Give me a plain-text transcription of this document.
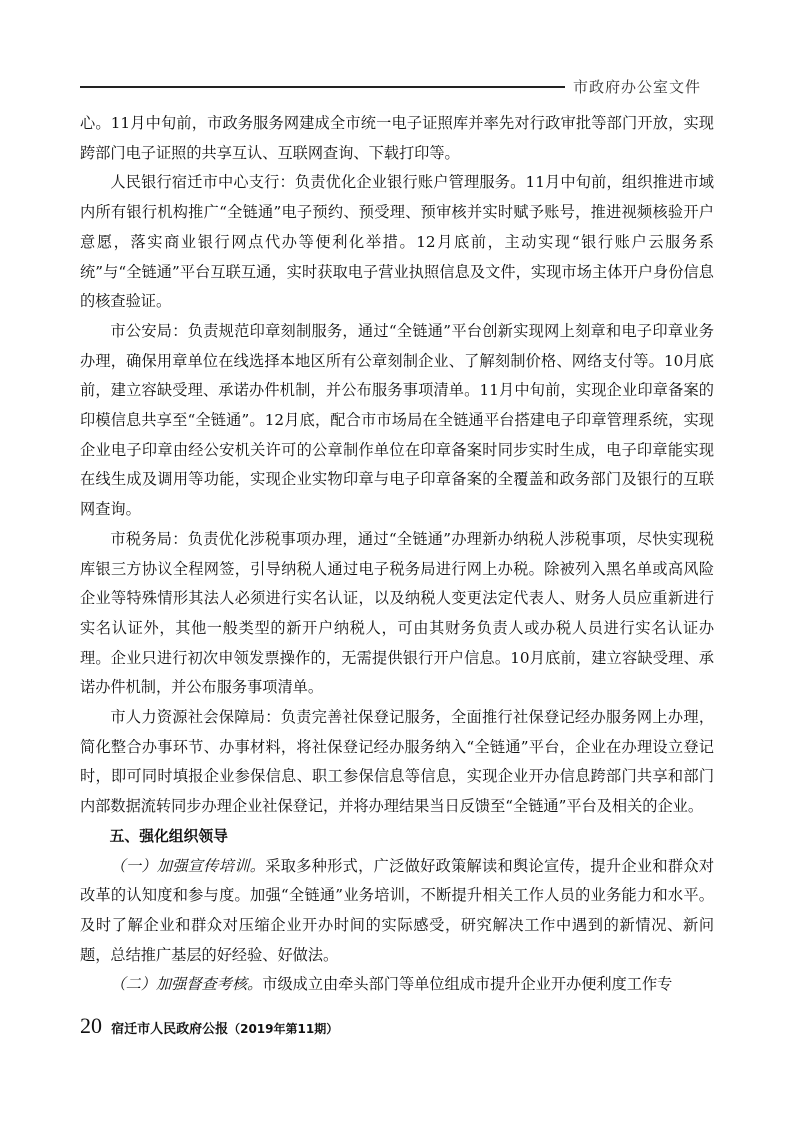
市政府办公室文件

心。11月中旬前，市政务服务网建成全市统一电子证照库并率先对行政审批等部门开放，实现跨部门电子证照的共享互认、互联网查询、下载打印等。

人民银行宿迁市中心支行：负责优化企业银行账户管理服务。11月中旬前，组织推进市域内所有银行机构推广“全链通”电子预约、预受理、预审核并实时赋予账号，推进视频核验开户意愿，落实商业银行网点代办等便利化举措。12月底前，主动实现“银行账户云服务系统”与“全链通”平台互联互通，实时获取电子营业执照信息及文件，实现市场主体开户身份信息的核查验证。

市公安局：负责规范印章刻制服务，通过“全链通”平台创新实现网上刻章和电子印章业务办理，确保用章单位在线选择本地区所有公章刻制企业、了解刻制价格、网络支付等。10月底前，建立容缺受理、承诺办件机制，并公布服务事项清单。11月中旬前，实现企业印章备案的印模信息共享至“全链通”。12月底，配合市市场局在全链通平台搭建电子印章管理系统，实现企业电子印章由经公安机关许可的公章制作单位在印章备案时同步实时生成，电子印章能实现在线生成及调用等功能，实现企业实物印章与电子印章备案的全覆盖和政务部门及银行的互联网查询。

市税务局：负责优化涉税事项办理，通过“全链通”办理新办纳税人涉税事项，尽快实现税库银三方协议全程网签，引导纳税人通过电子税务局进行网上办税。除被列入黑名单或高风险企业等特殊情形其法人必须进行实名认证，以及纳税人变更法定代表人、财务人员应重新进行实名认证外，其他一般类型的新开户纳税人，可由其财务负责人或办税人员进行实名认证办理。企业只进行初次申领发票操作的，无需提供银行开户信息。10月底前，建立容缺受理、承诺办件机制，并公布服务事项清单。

市人力资源社会保障局：负责完善社保登记服务，全面推行社保登记经办服务网上办理，简化整合办事环节、办事材料，将社保登记经办服务纳入“全链通”平台，企业在办理设立登记时，即可同时填报企业参保信息、职工参保信息等信息，实现企业开办信息跨部门共享和部门内部数据流转同步办理企业社保登记，并将办理结果当日反馈至“全链通”平台及相关的企业。

五、强化组织领导

（一）加强宣传培训。采取多种形式，广泛做好政策解读和舆论宣传，提升企业和群众对改革的认知度和参与度。加强“全链通”业务培训，不断提升相关工作人员的业务能力和水平。及时了解企业和群众对压缩企业开办时间的实际感受，研究解决工作中遇到的新情况、新问题，总结推广基层的好经验、好做法。

（二）加强督查考核。市级成立由牵头部门等单位组成市提升企业开办便利度工作专

20 宿迁市人民政府公报（2019年第11期）
